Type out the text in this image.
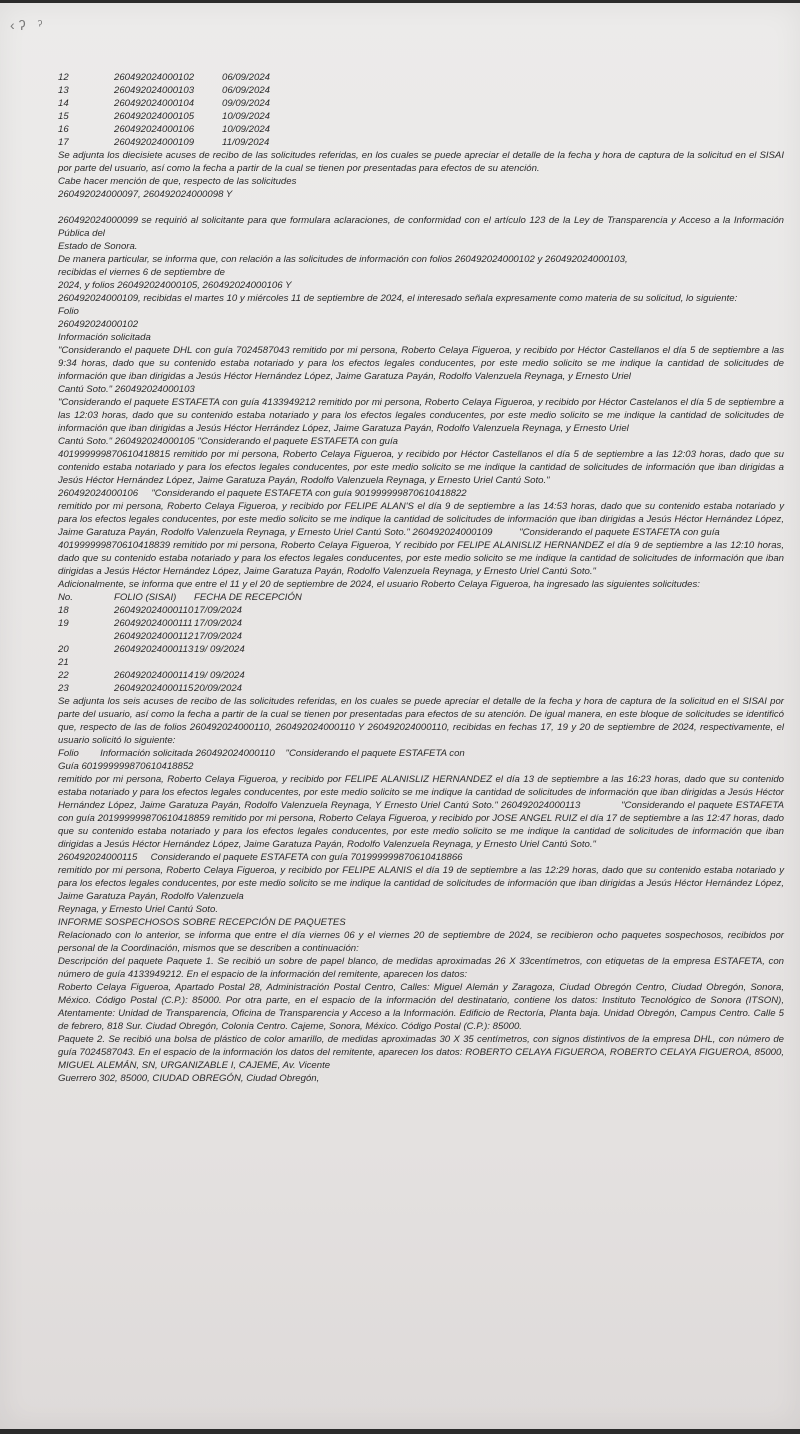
‹ʔ ˀ
12	260492024000102	06/09/2024
13	260492024000103	06/09/2024
14	260492024000104	09/09/2024
15	260492024000105	10/09/2024
16	260492024000106	10/09/2024
17	260492024000109	11/09/2024

Se adjunta los diecisiete acuses de recibo de las solicitudes referidas, en los cuales se puede apreciar el detalle de la fecha y hora de captura de la solicitud en el SISAI por parte del usuario, así como la fecha a partir de la cual se tienen por presentadas para efectos de su atención.

Cabe hacer mención de que, respecto de las solicitudes

260492024000097, 260492024000098 Y

260492024000099 se requirió al solicitante para que formulara aclaraciones, de conformidad con el artículo 123 de la Ley de Transparencia y Acceso a la Información Pública del

Estado de Sonora.

De manera particular, se informa que, con relación a las solicitudes de información con folios 260492024000102 y 260492024000103,

recibidas el viernes 6 de septiembre de

2024, y folios 260492024000105, 260492024000106 Y

260492024000109, recibidas el martes 10 y miércoles 11 de septiembre de 2024, el interesado señala expresamente como materia de su solicitud, lo siguiente:

Folio

260492024000102

Información solicitada

"Considerando el paquete DHL con guía 7024587043 remitido por mi persona, Roberto Celaya Figueroa, y recibido por Héctor Castellanos el día 5 de septiembre a las 9:34 horas, dado que su contenido estaba notariado y para los efectos legales conducentes, por este medio solicito se me indique la cantidad de solicitudes de información que iban dirigidas a Jesús Héctor Hernández López, Jaime Garatuza Payán, Rodolfo Valenzuela Reynaga, y Ernesto Uriel

Cantú Soto." 260492024000103

"Considerando el paquete ESTAFETA con guía 4133949212 remitido por mi persona, Roberto Celaya Figueroa, y recibido por Héctor Castelanos el día 5 de septiembre a las 12:03 horas, dado que su contenido estaba notariado y para los efectos legales conducentes, por este medio solicito se me indique la cantidad de solicitudes de información que iban dirigidas a Jesús Héctor Herrández López, Jaime Garatuza Payán, Rodolfo Valenzuela Reynaga, y Ernesto Uriel

Cantú Soto." 260492024000105 "Considerando el paquete ESTAFETA con guía

401999999870610418815 remitido por mi persona, Roberto Celaya Figueroa, y recibido por Héctor Castellanos el día 5 de septiembre a las 12:03 horas, dado que su contenido estaba notariado y para los efectos legales conducentes, por este medio solicito se me indique la cantidad de solicitudes de información que iban dirigidas a Jesús Héctor Hernández López, Jaime Garatuza Payán, Rodolfo Valenzuela Reynaga, y Ernesto Uriel Cantú Soto."

260492024000106     "Considerando el paquete ESTAFETA con guía 901999999870610418822

remitido por mi persona, Roberto Celaya Figueroa, y recibido por FELIPE ALAN'S el día 9 de septiembre a las 14:53 horas, dado que su contenido estaba notariado y para los efectos legales conducentes, por este medio solicito se me indique la cantidad de solicitudes de información que iban dirigidas a Jesús Héctor Hernández López, Jaime Garatuza Payán, Rodolfo Valenzuela Reynaga, y Ernesto Uriel Cantú Soto." 260492024000109          "Considerando el paquete ESTAFETA con guía

401999999870610418839 remitido por mi persona, Roberto Celaya Figueroa, Y recibido por FELIPE ALANISLIZ HERNANDEZ el día 9 de septiembre a las 12:10 horas, dado que su contenido estaba notariado y para los efectos legales conducentes, por este medio solicito se me indique la cantidad de solicitudes de información que iban dirigidas a Jesús Héctor Hernández López, Jaime Garatuza Payán, Rodolfo Valenzuela Reynaga, y Ernesto Uriel Cantú Soto."

Adicionalmente, se informa que entre el 11 y el 20 de septiembre de 2024, el usuario Roberto Celaya Figueroa, ha ingresado las siguientes solicitudes:

No.	FOLIO (SISAI)	FECHA DE RECEPCIÓN
18	260492024000110 17/09/2024
19	260492024000111 17/09/2024

260492024000112 17/09/2024
20	260492024000113 19/ 09/2024
21

22	260492024000114 19/ 09/2024
23	260492024000115 20/09/2024

Se adjunta los seis acuses de recibo de las solicitudes referidas, en los cuales se puede apreciar el detalle de la fecha y hora de captura de la solicitud en el SISAI por parte del usuario, así como la fecha a partir de la cual se tienen por presentadas para efectos de su atención. De igual manera, en este bloque de solicitudes se identificó que, respecto de las de folios 260492024000110, 260492024000110 Y 260492024000110, recibidas en fechas 17, 19 y 20 de septiembre de 2024, respectivamente, el usuario solicitó lo siguiente:

Folio        Información solicitada 260492024000110    "Considerando el paquete ESTAFETA con

Guía 601999999870610418852

remitido por mi persona, Roberto Celaya Figueroa, y recibido por FELIPE ALANISLIZ HERNANDEZ el día 13 de septiembre a las 16:23 horas, dado que su contenido estaba notariado y para los efectos legales conducentes, por este medio solicito se me indique la cantidad de solicitudes de información que iban dirigidas a Jesús Héctor Hernández López, Jaime Garatuza Payán, Rodolfo Valenzuela Reynaga, Y Ernesto Uriel Cantú Soto." 260492024000113             "Considerando el paquete ESTAFETA con guía 201999999870610418859 remitido por mi persona, Roberto Celaya Figueroa, y recibido por JOSE ANGEL RUIZ el día 17 de septiembre a las 12:47 horas, dado que su contenido estaba notariado y para los efectos legales conducentes, por este medio solicito se me indique la cantidad de solicitudes de información que iban dirigidas a Jesús Héctor Hernández López, Jaime Garatuza Payán, Rodolfo Valenzuela Reynaga, y Ernesto Uriel Cantú Soto."

260492024000115     Considerando el paquete ESTAFETA con guía 701999999870610418866

remitido por mi persona, Roberto Celaya Figueroa, y recibido por FELIPE ALANIS el día 19 de septiembre a las 12:29 horas, dado que su contenido estaba notariado y para los efectos legales conducentes, por este medio solicito se me indique la cantidad de solicitudes de información que iban dirigidas a Jesús Héctor Hernández López, Jaime Garatuza Payán, Rodolfo Valenzuela

Reynaga, y Ernesto Uriel Cantú Soto.

INFORME SOSPECHOSOS SOBRE RECEPCIÓN DE PAQUETES

Relacionado con lo anterior, se informa que entre el día viernes 06 y el viernes 20 de septiembre de 2024, se recibieron ocho paquetes sospechosos, recibidos por personal de la Coordinación, mismos que se describen a continuación:

Descripción del paquete Paquete 1. Se recibió un sobre de papel blanco, de medidas aproximadas 26 X 33centímetros, con etiquetas de la empresa ESTAFETA, con número de guía 4133949212. En el espacio de la información del remitente, aparecen los datos:

Roberto Celaya Figueroa, Apartado Postal 28, Administración Postal Centro, Calles: Miguel Alemán y Zaragoza, Ciudad Obregón Centro, Ciudad Obregón, Sonora, México. Código Postal (C.P.): 85000. Por otra parte, en el espacio de la información del destinatario, contiene los datos: Instituto Tecnológico de Sonora (ITSON), Atentamente: Unidad de Transparencia, Oficina de Transparencia y Acceso a la Información. Edificio de Rectoría, Planta baja. Unidad Obregón, Campus Centro. Calle 5 de febrero, 818 Sur. Ciudad Obregón, Colonia Centro. Cajeme, Sonora, México. Código Postal (C.P.): 85000.

Paquete 2. Se recibió una bolsa de plástico de color amarillo, de medidas aproximadas 30 X 35 centímetros, con signos distintivos de la empresa DHL, con número de guía 7024587043. En el espacio de la información los datos del remitente, aparecen los datos: ROBERTO CELAYA FIGUEROA, ROBERTO CELAYA FIGUEROA, 85000, MIGUEL ALEMÁN, SN, URGANIZABLE I, CAJEME, Av. Vicente

Guerrero 302, 85000, CIUDAD OBREGÓN, Ciudad Obregón,
